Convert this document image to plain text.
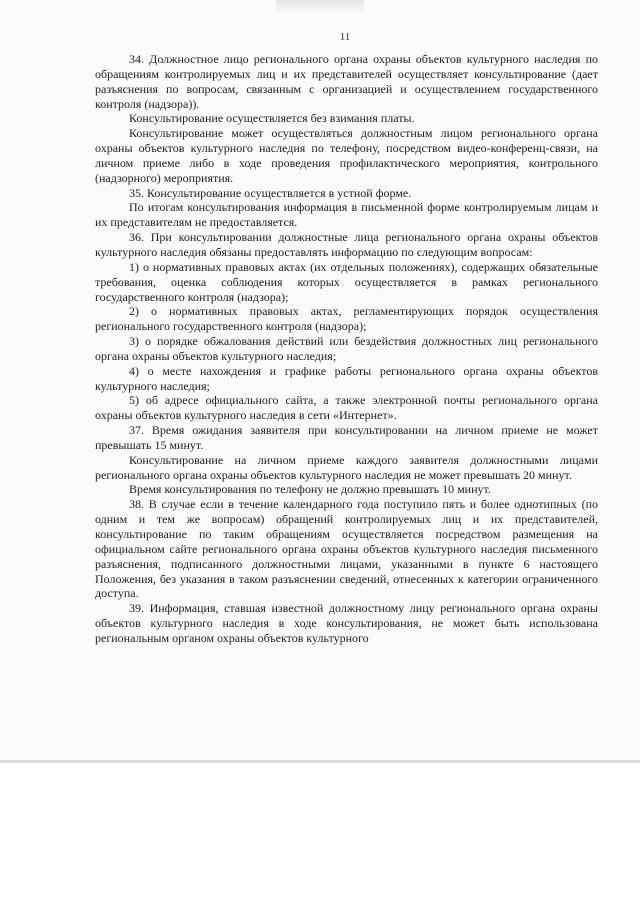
11

34. Должностное лицо регионального органа охраны объектов культурного наследия по обращениям контролируемых лиц и их представителей осуществляет консультирование (дает разъяснения по вопросам, связанным с организацией и осуществлением государственного контроля (надзора)).

Консультирование осуществляется без взимания платы.

Консультирование может осуществляться должностным лицом регионального органа охраны объектов культурного наследия по телефону, посредством видео-конференц-связи, на личном приеме либо в ходе проведения профилактического мероприятия, контрольного (надзорного) мероприятия.

35. Консультирование осуществляется в устной форме.

По итогам консультирования информация в письменной форме контролируемым лицам и их представителям не предоставляется.

36. При консультировании должностные лица регионального органа охраны объектов культурного наследия обязаны предоставлять информацию по следующим вопросам:

1) о нормативных правовых актах (их отдельных положениях), содержащих обязательные требования, оценка соблюдения которых осуществляется в рамках регионального государственного контроля (надзора);

2) о нормативных правовых актах, регламентирующих порядок осуществления регионального государственного контроля (надзора);

3) о порядке обжалования действий или бездействия должностных лиц регионального органа охраны объектов культурного наследия;

4) о месте нахождения и графике работы регионального органа охраны объектов культурного наследия;

5) об адресе официального сайта, а также электронной почты регионального органа охраны объектов культурного наследия в сети «Интернет».

37. Время ожидания заявителя при консультировании на личном приеме не может превышать 15 минут.

Консультирование на личном приеме каждого заявителя должностными лицами регионального органа охраны объектов культурного наследия не может превышать 20 минут.

Время консультирования по телефону не должно превышать 10 минут.

38. В случае если в течение календарного года поступило пять и более однотипных (по одним и тем же вопросам) обращений контролируемых лиц и их представителей, консультирование по таким обращениям осуществляется посредством размещения на официальном сайте регионального органа охраны объектов культурного наследия письменного разъяснения, подписанного должностными лицами, указанными в пункте 6 настоящего Положения, без указания в таком разъяснении сведений, отнесенных к категории ограниченного доступа.

39. Информация, ставшая известной должностному лицу регионального органа охраны объектов культурного наследия в ходе консультирования, не может быть использована региональным органом охраны объектов культурного
